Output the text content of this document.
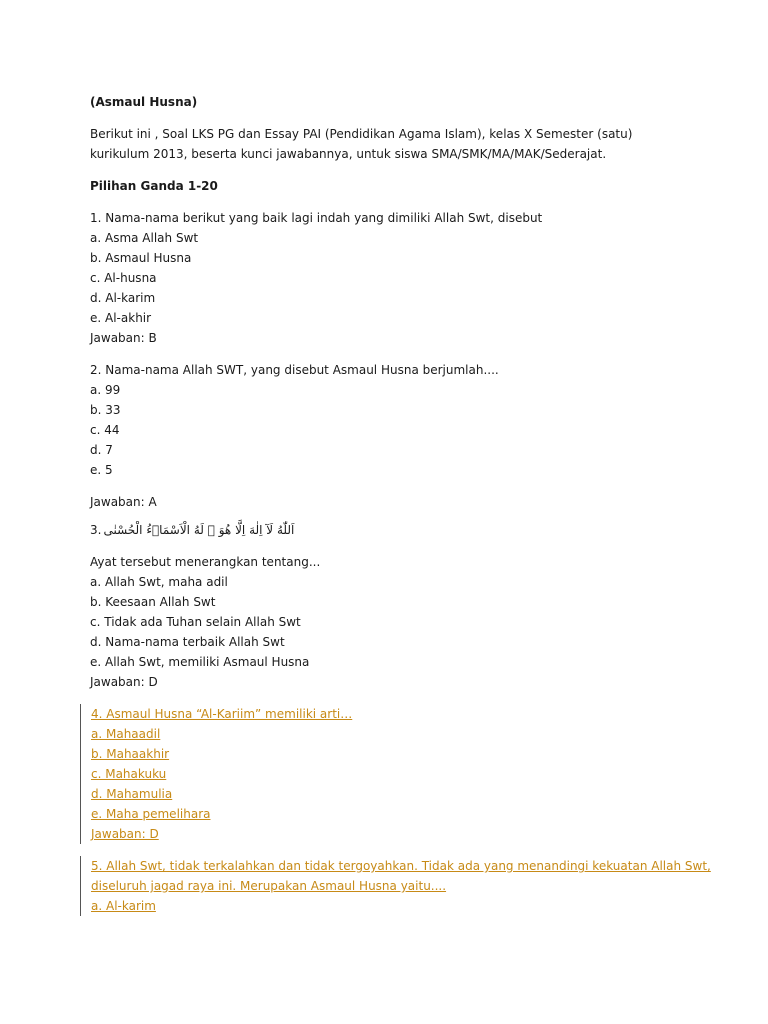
(Asmaul Husna)
Berikut ini , Soal LKS PG dan Essay PAI (Pendidikan Agama Islam), kelas X Semester (satu) kurikulum 2013, beserta kunci jawabannya, untuk siswa SMA/SMK/MA/MAK/Sederajat.
Pilihan Ganda 1-20
1. Nama-nama berikut yang baik lagi indah yang dimiliki Allah Swt, disebut
a. Asma Allah Swt
b. Asmaul Husna
c. Al-husna
d. Al-karim
e. Al-akhir
Jawaban: B
2. Nama-nama Allah SWT, yang disebut Asmaul Husna berjumlah....
a. 99
b. 33
c. 44
d. 7
e. 5
Jawaban: A
3. اَللّٰهُ لَآ اِلٰهَ اِلَّا هُوَ ۗ لَهُ الْاَسْمَاۤءُ الْحُسْنٰى
Ayat tersebut menerangkan tentang...
a. Allah Swt, maha adil
b. Keesaan Allah Swt
c. Tidak ada Tuhan selain Allah Swt
d. Nama-nama terbaik Allah Swt
e. Allah Swt, memiliki Asmaul Husna
Jawaban: D
4. Asmaul Husna “Al-Kariim” memiliki arti…
a. Mahaadil
b. Mahaakhir
c. Mahakuku
d. Mahamulia
e. Maha pemelihara
Jawaban: D
5. Allah Swt, tidak terkalahkan dan tidak tergoyahkan. Tidak ada yang menandingi kekuatan Allah Swt,
diseluruh jagad raya ini. Merupakan Asmaul Husna yaitu....
a. Al-karim
